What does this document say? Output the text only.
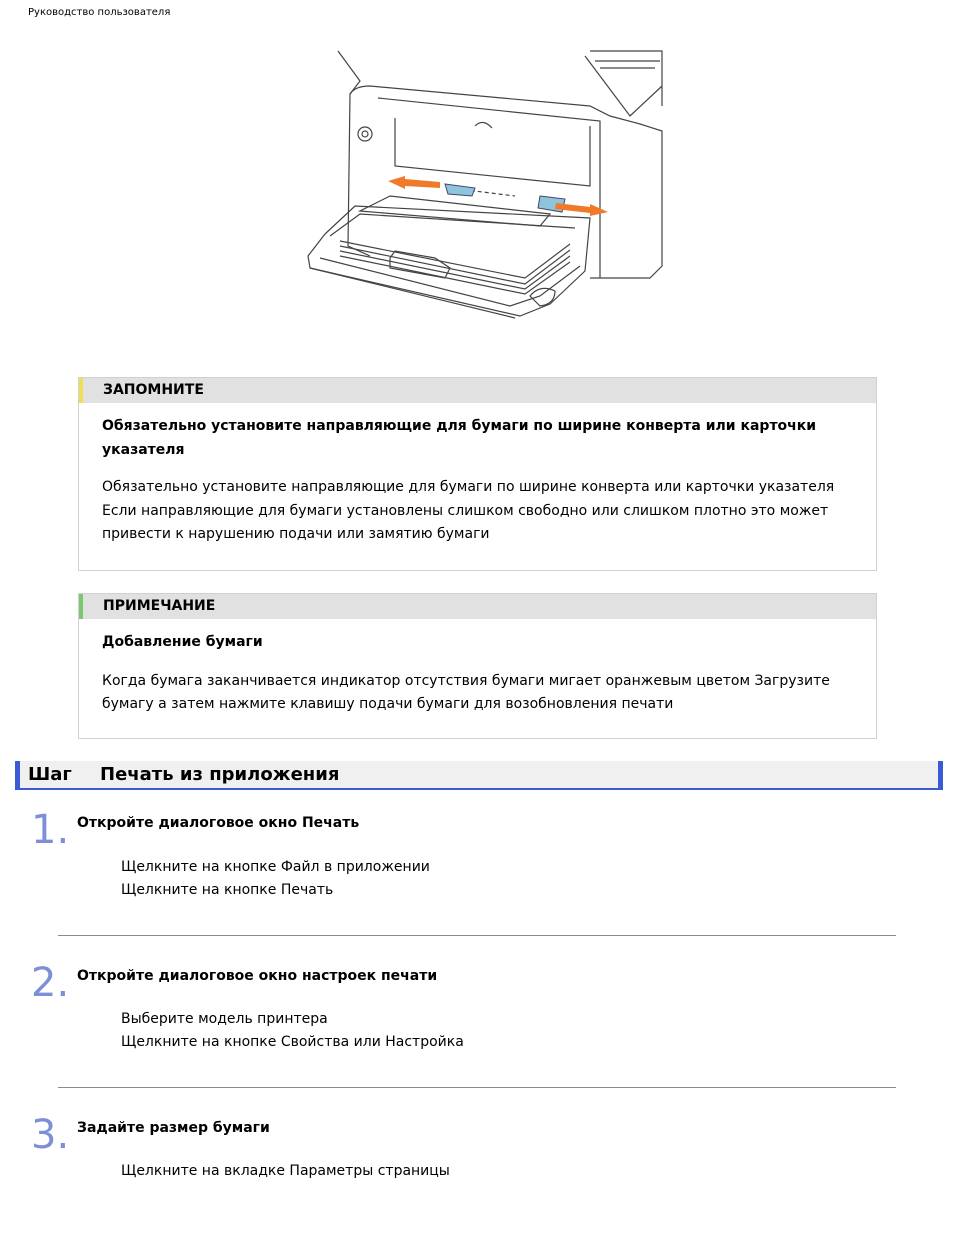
Руководство пользователя
ЗАПОМНИТЕ
Обязательно установите направляющие для бумаги по ширине конверта или карточки указателя
Обязательно установите направляющие для бумаги по ширине конверта или карточки указателя Если направляющие для бумаги установлены слишком свободно или слишком плотно это может привести к нарушению подачи или замятию бумаги
ПРИМЕЧАНИЕ
Добавление бумаги
Когда бумага заканчивается индикатор отсутствия бумаги мигает оранжевым цветом Загрузите бумагу а затем нажмите клавишу подачи бумаги для возобновления печати
Шаг Печать из приложения
1. Откройте диалоговое окно Печать
Щелкните на кнопке Файл в приложении
Щелкните на кнопке Печать
2. Откройте диалоговое окно настроек печати
Выберите модель принтера
Щелкните на кнопке Свойства или Настройка
3. Задайте размер бумаги
Щелкните на вкладке Параметры страницы
